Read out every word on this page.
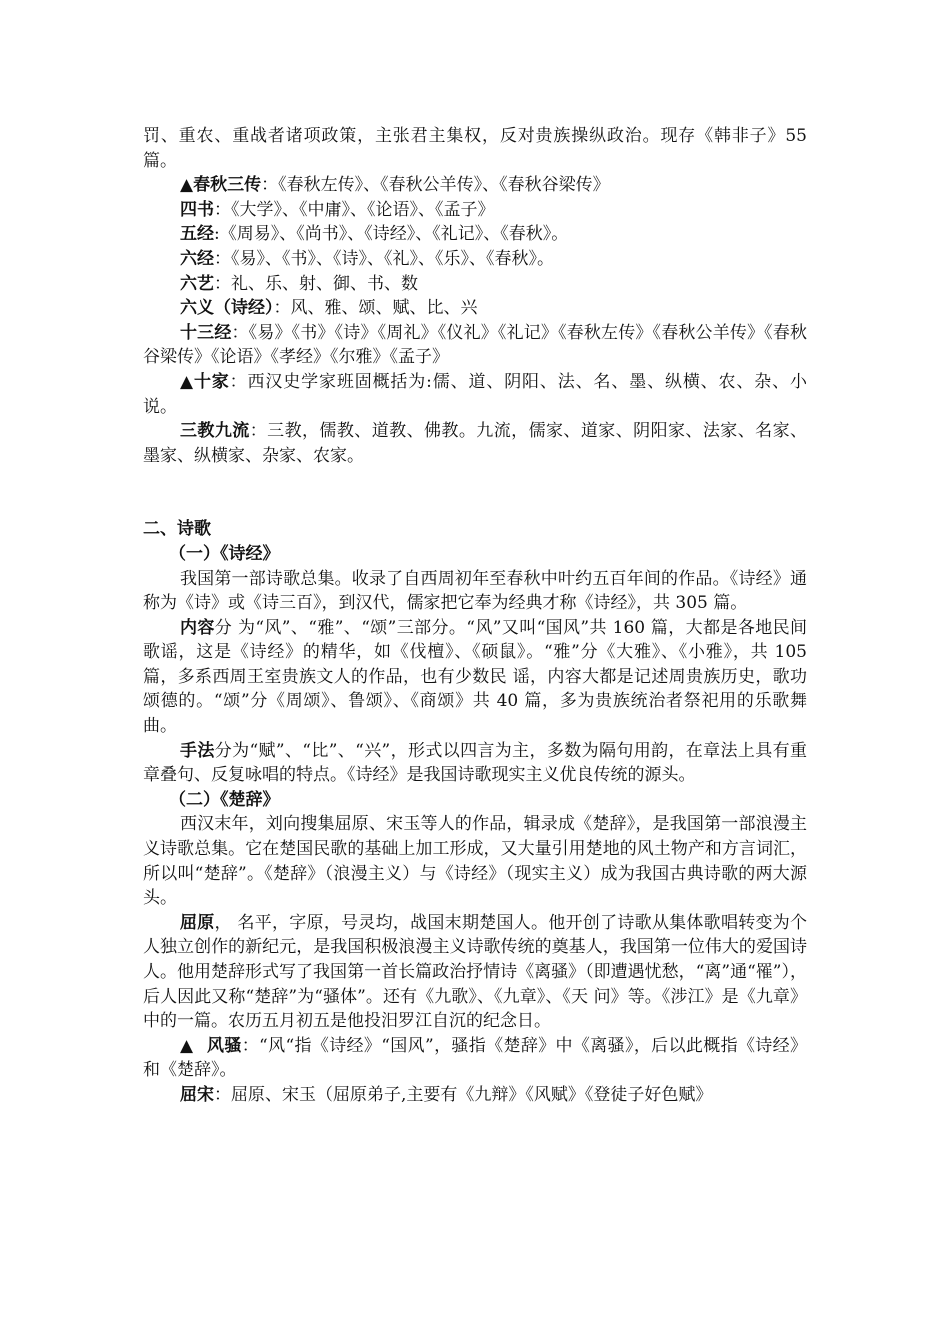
罚、重农、重战者诸项政策，主张君主集权，反对贵族操纵政治。现存《韩非子》55 篇。

▲春秋三传：《春秋左传》、《春秋公羊传》、《春秋谷梁传》

四书：《大学》、《中庸》、《论语》、《孟子》

五经:《周易》、《尚书》、《诗经》、《礼记》、《春秋》。

六经：《易》、《书》、《诗》、《礼》、《乐》、《春秋》。

六艺：礼、乐、射、御、书、数

六义（诗经）：风、雅、颂、赋、比、兴

十三经：《易》《书》《诗》《周礼》《仪礼》《礼记》《春秋左传》《春秋公羊传》《春秋谷梁传》《论语》《孝经》《尔雅》《孟子》

▲十家：西汉史学家班固概括为:儒、道、阴阳、法、名、墨、纵横、农、杂、小说。

三教九流：三教，儒教、道教、佛教。九流，儒家、道家、阴阳家、法家、名家、墨家、纵横家、杂家、农家。

二、诗歌

（一）《诗经》

我国第一部诗歌总集。收录了自西周初年至春秋中叶约五百年间的作品。《诗经》通称为《诗》或《诗三百》，到汉代，儒家把它奉为经典才称《诗经》，共 305 篇。

内容分 为“风”、“雅”、“颂”三部分。“风”又叫“国风”共 160 篇，大都是各地民间歌谣，这是《诗经》的精华，如《伐檀》、《硕鼠》。“雅”分《大雅》、《小雅》，共 105 篇，多系西周王室贵族文人的作品，也有少数民 谣，内容大都是记述周贵族历史，歌功颂德的。“颂”分《周颂》、鲁颂》、《商颂》共 40 篇，多为贵族统治者祭祀用的乐歌舞曲。

手法分为“赋”、“比”、“兴”，形式以四言为主，多数为隔句用韵，在章法上具有重章叠句、反复咏唱的特点。《诗经》是我国诗歌现实主义优良传统的源头。

（二）《楚辞》

西汉末年，刘向搜集屈原、宋玉等人的作品，辑录成《楚辞》，是我国第一部浪漫主义诗歌总集。它在楚国民歌的基础上加工形成，又大量引用楚地的风土物产和方言词汇，所以叫“楚辞”。《楚辞》（浪漫主义）与《诗经》（现实主义）成为我国古典诗歌的两大源头。

屈原， 名平，字原，号灵均，战国末期楚国人。他开创了诗歌从集体歌唱转变为个人独立创作的新纪元，是我国积极浪漫主义诗歌传统的奠基人，我国第一位伟大的爱国诗 人。他用楚辞形式写了我国第一首长篇政治抒情诗《离骚》（即遭遇忧愁，“离”通“罹”），后人因此又称“楚辞”为“骚体”。还有《九歌》、《九章》、《天 问》等。《涉江》是《九章》中的一篇。农历五月初五是他投汨罗江自沉的纪念日。

▲ 风骚：“风“指《诗经》“国风”，骚指《楚辞》中《离骚》，后以此概指《诗经》和《楚辞》。

屈宋：屈原、宋玉（屈原弟子,主要有《九辩》《风赋》《登徒子好色赋》
